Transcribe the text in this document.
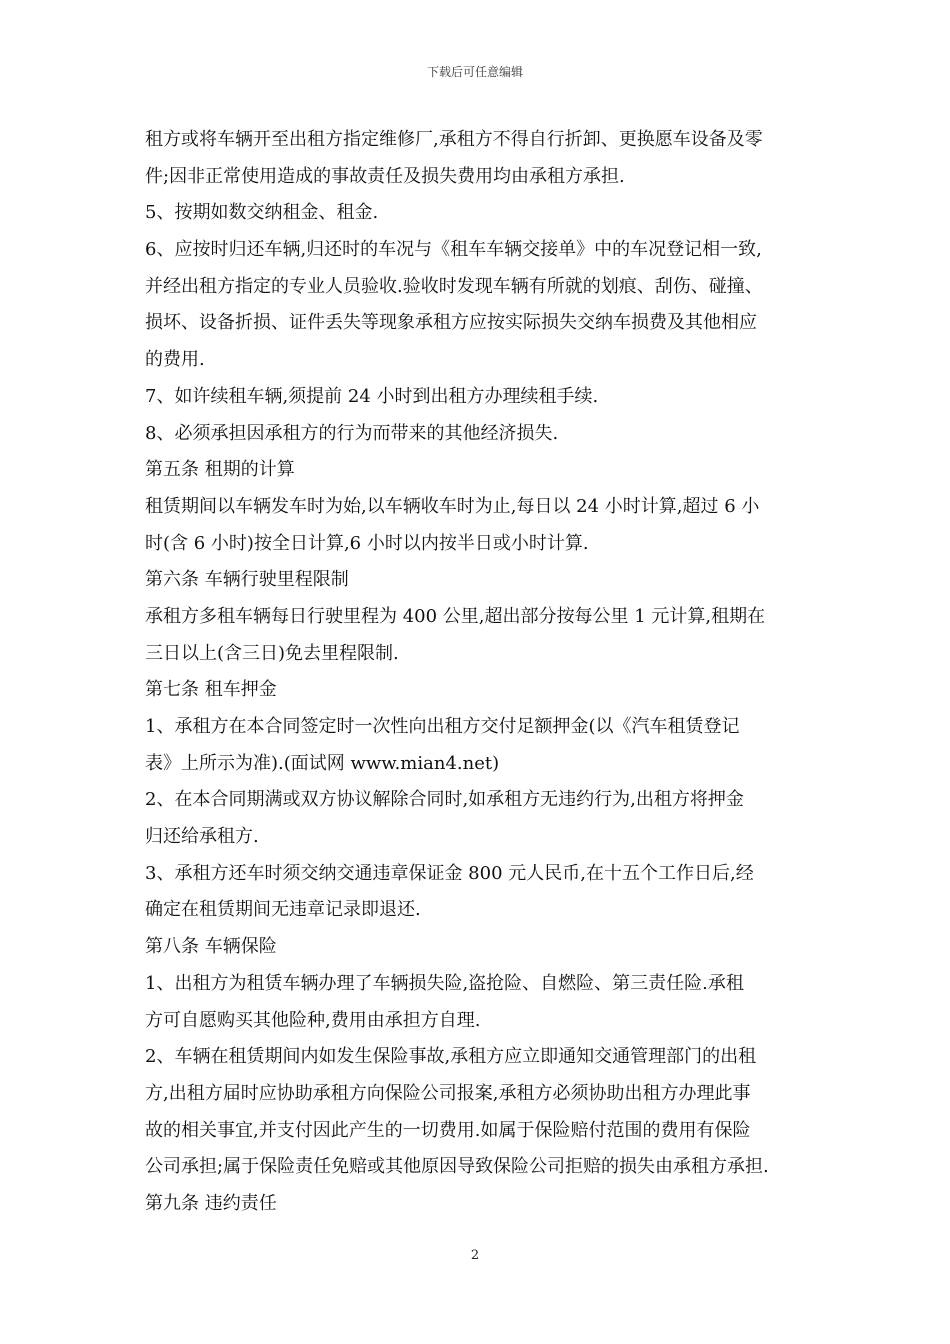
下载后可任意编辑
租方或将车辆开至出租方指定维修厂,承租方不得自行折卸、更换愿车设备及零
件;因非正常使用造成的事故责任及损失费用均由承租方承担.
5、按期如数交纳租金、租金.
6、应按时归还车辆,归还时的车况与《租车车辆交接单》中的车况登记相一致,
并经出租方指定的专业人员验收.验收时发现车辆有所就的划痕、刮伤、碰撞、
损坏、设备折损、证件丢失等现象承租方应按实际损失交纳车损费及其他相应
的费用.
7、如许续租车辆,须提前 24 小时到出租方办理续租手续.
8、必须承担因承租方的行为而带来的其他经济损失.
第五条 租期的计算
租赁期间以车辆发车时为始,以车辆收车时为止,每日以 24 小时计算,超过 6 小
时(含 6 小时)按全日计算,6 小时以内按半日或小时计算.
第六条 车辆行驶里程限制
承租方多租车辆每日行驶里程为 400 公里,超出部分按每公里 1 元计算,租期在
三日以上(含三日)免去里程限制.
第七条 租车押金
1、承租方在本合同签定时一次性向出租方交付足额押金(以《汽车租赁登记
表》上所示为准).(面试网 www.mian4.net)
2、在本合同期满或双方协议解除合同时,如承租方无违约行为,出租方将押金
归还给承租方.
3、承租方还车时须交纳交通违章保证金 800 元人民币,在十五个工作日后,经
确定在租赁期间无违章记录即退还.
第八条 车辆保险
1、出租方为租赁车辆办理了车辆损失险,盗抢险、自燃险、第三责任险.承租
方可自愿购买其他险种,费用由承担方自理.
2、车辆在租赁期间内如发生保险事故,承租方应立即通知交通管理部门的出租
方,出租方届时应协助承租方向保险公司报案,承租方必须协助出租方办理此事
故的相关事宜,并支付因此产生的一切费用.如属于保险赔付范围的费用有保险
公司承担;属于保险责任免赔或其他原因导致保险公司拒赔的损失由承租方承担.
第九条 违约责任
2
